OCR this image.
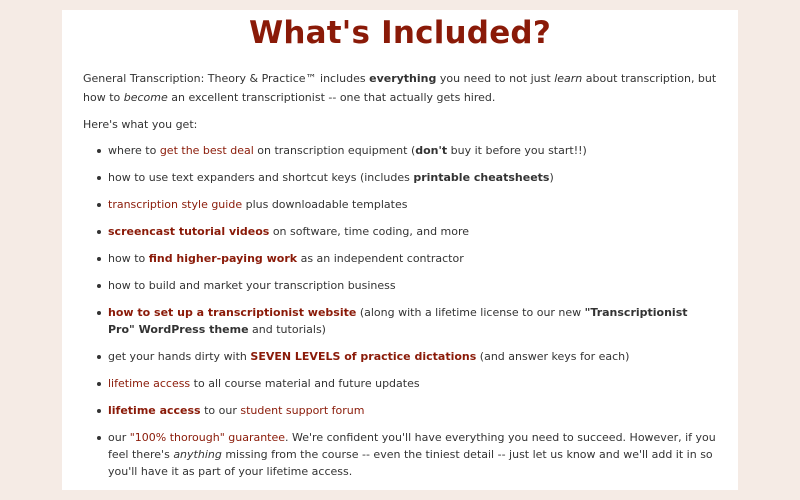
What's Included?

General Transcription: Theory & Practice™ includes everything you need to not just learn about transcription, but how to become an excellent transcriptionist -- one that actually gets hired.

Here's what you get:

where to get the best deal on transcription equipment (don't buy it before you start!!)
how to use text expanders and shortcut keys (includes printable cheatsheets)
transcription style guide plus downloadable templates
screencast tutorial videos on software, time coding, and more
how to find higher-paying work as an independent contractor
how to build and market your transcription business
how to set up a transcriptionist website (along with a lifetime license to our new "Transcriptionist Pro" WordPress theme and tutorials)
get your hands dirty with SEVEN LEVELS of practice dictations (and answer keys for each)
lifetime access to all course material and future updates
lifetime access to our student support forum
our "100% thorough" guarantee. We're confident you'll have everything you need to succeed. However, if you feel there's anything missing from the course -- even the tiniest detail -- just let us know and we'll add it in so you'll have it as part of your lifetime access.
